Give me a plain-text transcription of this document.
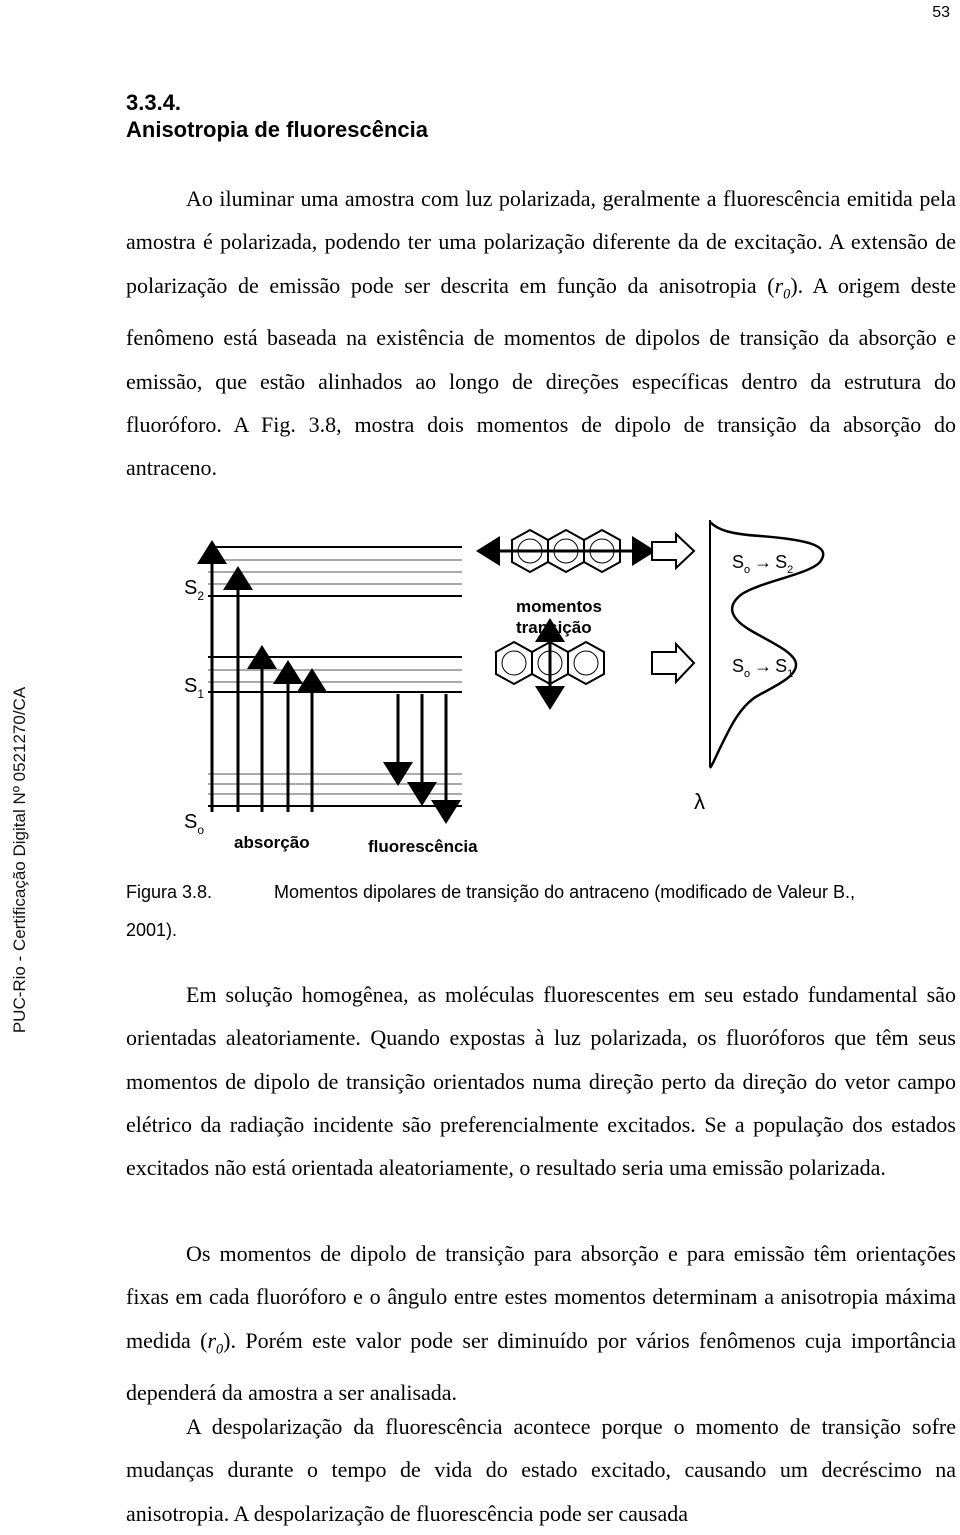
53
PUC-Rio - Certificação Digital Nº 0521270/CA
3.3.4.
Anisotropia de fluorescência
Ao iluminar uma amostra com luz polarizada, geralmente a fluorescência emitida pela amostra é polarizada, podendo ter uma polarização diferente da de excitação. A extensão de polarização de emissão pode ser descrita em função da anisotropia $(r_0)$. A origem deste fenômeno está baseada na existência de momentos de dipolos de transição da absorção e emissão, que estão alinhados ao longo de direções específicas dentro da estrutura do fluoróforo. A Fig. 3.8, mostra dois momentos de dipolo de transição da absorção do antraceno.
$S_2$
$S_1$
$S_o$
absorção	fluorescência
momentos
transição
$S_o \to S_2$
$S_o \to S_1$
λ
Figura 3.8.	Momentos dipolares de transição do antraceno (modificado de Valeur B.,
2001).
Em solução homogênea, as moléculas fluorescentes em seu estado fundamental são orientadas aleatoriamente. Quando expostas à luz polarizada, os fluoróforos que têm seus momentos de dipolo de transição orientados numa direção perto da direção do vetor campo elétrico da radiação incidente são preferencialmente excitados. Se a população dos estados excitados não está orientada aleatoriamente, o resultado seria uma emissão polarizada.
Os momentos de dipolo de transição para absorção e para emissão têm orientações fixas em cada fluoróforo e o ângulo entre estes momentos determinam a anisotropia máxima medida $(r_0)$. Porém este valor pode ser diminuído por vários fenômenos cuja importância dependerá da amostra a ser analisada.
A despolarização da fluorescência acontece porque o momento de transição sofre mudanças durante o tempo de vida do estado excitado, causando um decréscimo na anisotropia. A despolarização de fluorescência pode ser causada
